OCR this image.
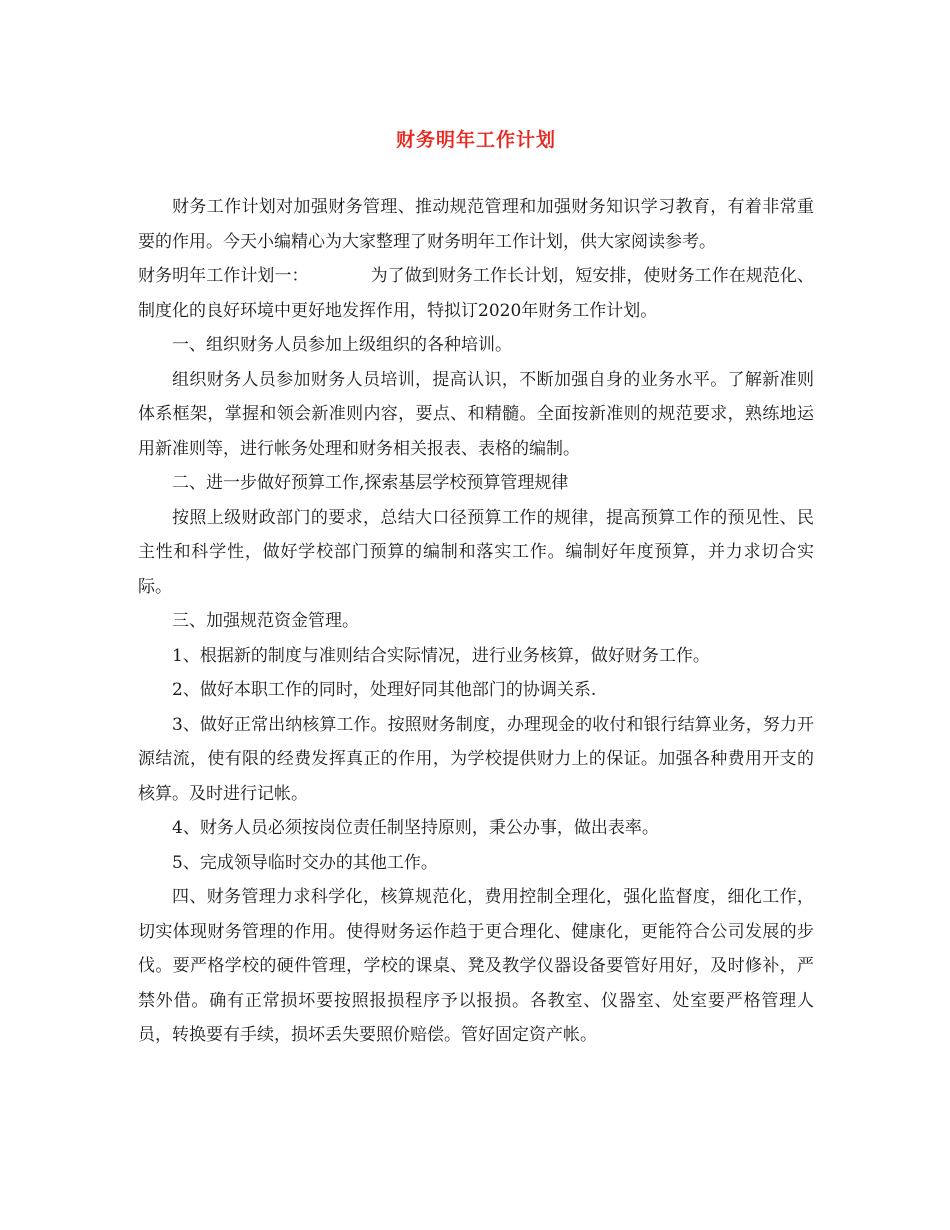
财务明年工作计划

财务工作计划对加强财务管理、推动规范管理和加强财务知识学习教育，有着非常重要的作用。今天小编精心为大家整理了财务明年工作计划，供大家阅读参考。

财务明年工作计划一：	为了做到财务工作长计划，短安排，使财务工作在规范化、制度化的良好环境中更好地发挥作用，特拟订2020年财务工作计划。

一、组织财务人员参加上级组织的各种培训。

组织财务人员参加财务人员培训，提高认识，不断加强自身的业务水平。了解新准则体系框架，掌握和领会新准则内容，要点、和精髓。全面按新准则的规范要求，熟练地运用新准则等，进行帐务处理和财务相关报表、表格的编制。

二、进一步做好预算工作,探索基层学校预算管理规律

按照上级财政部门的要求，总结大口径预算工作的规律，提高预算工作的预见性、民主性和科学性，做好学校部门预算的编制和落实工作。编制好年度预算，并力求切合实际。

三、加强规范资金管理。

1、根据新的制度与准则结合实际情况，进行业务核算，做好财务工作。

2、做好本职工作的同时，处理好同其他部门的协调关系.

3、做好正常出纳核算工作。按照财务制度，办理现金的收付和银行结算业务，努力开源结流，使有限的经费发挥真正的作用，为学校提供财力上的保证。加强各种费用开支的核算。及时进行记帐。

4、财务人员必须按岗位责任制坚持原则，秉公办事，做出表率。

5、完成领导临时交办的其他工作。

四、财务管理力求科学化，核算规范化，费用控制全理化，强化监督度，细化工作，切实体现财务管理的作用。使得财务运作趋于更合理化、健康化，更能符合公司发展的步伐。要严格学校的硬件管理，学校的课桌、凳及教学仪器设备要管好用好，及时修补，严禁外借。确有正常损坏要按照报损程序予以报损。各教室、仪器室、处室要严格管理人员，转换要有手续，损坏丢失要照价赔偿。管好固定资产帐。
